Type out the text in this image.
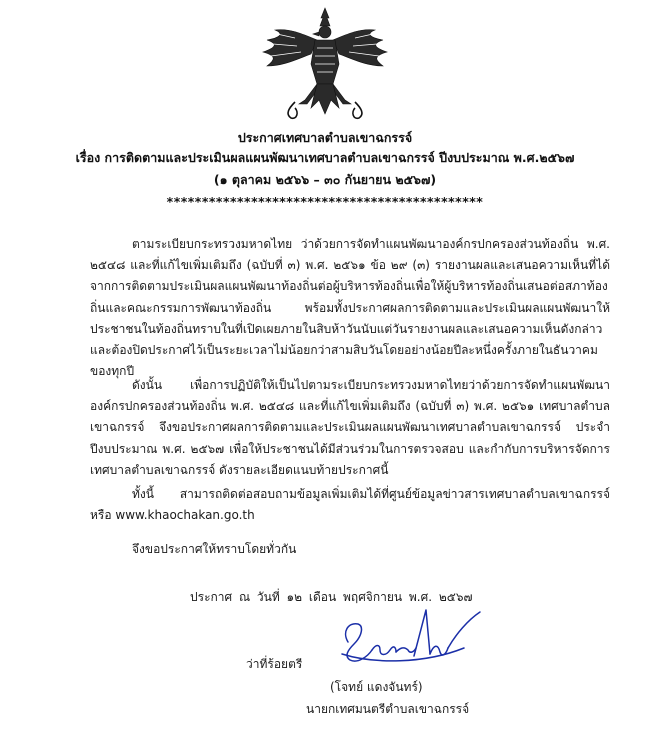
ประกาศเทศบาลตำบลเขาฉกรรจ์
เรื่อง การติดตามและประเมินผลแผนพัฒนาเทศบาลตำบลเขาฉกรรจ์ ปีงบประมาณ พ.ศ.๒๕๖๗
(๑ ตุลาคม ๒๕๖๖ – ๓๐ กันยายน ๒๕๖๗)
*********************************************
ตามระเบียบกระทรวงมหาดไทย ว่าด้วยการจัดทำแผนพัฒนาองค์กรปกครองส่วนท้องถิ่น พ.ศ. ๒๕๔๘ และที่แก้ไขเพิ่มเติมถึง (ฉบับที่ ๓) พ.ศ. ๒๕๖๑ ข้อ ๒๙ (๓) รายงานผลและเสนอความเห็นที่ได้จากการติดตามประเมินผลแผนพัฒนาท้องถิ่นต่อผู้บริหารท้องถิ่นเพื่อให้ผู้บริหารท้องถิ่นเสนอต่อสภาท้องถิ่นและคณะกรรมการพัฒนาท้องถิ่น พร้อมทั้งประกาศผลการติดตามและประเมินผลแผนพัฒนาให้ประชาชนในท้องถิ่นทราบในที่เปิดเผยภายในสิบห้าวันนับแต่วันรายงานผลและเสนอความเห็นดังกล่าว และต้องปิดประกาศไว้เป็นระยะเวลาไม่น้อยกว่าสามสิบวันโดยอย่างน้อยปีละหนึ่งครั้งภายในธันวาคมของทุกปี
ดังนั้น เพื่อการปฏิบัติให้เป็นไปตามระเบียบกระทรวงมหาดไทยว่าด้วยการจัดทำแผนพัฒนาองค์กรปกครองส่วนท้องถิ่น พ.ศ. ๒๕๔๘ และที่แก้ไขเพิ่มเติมถึง (ฉบับที่ ๓) พ.ศ. ๒๕๖๑ เทศบาลตำบลเขาฉกรรจ์ จึงขอประกาศผลการติดตามและประเมินผลแผนพัฒนาเทศบาลตำบลเขาฉกรรจ์ ประจำปีงบประมาณ พ.ศ. ๒๕๖๗ เพื่อให้ประชาชนได้มีส่วนร่วมในการตรวจสอบ และกำกับการบริหารจัดการเทศบาลตำบลเขาฉกรรจ์ ดังรายละเอียดแนบท้ายประกาศนี้
ทั้งนี้ สามารถติดต่อสอบถามข้อมูลเพิ่มเติมได้ที่ศูนย์ข้อมูลข่าวสารเทศบาลตำบลเขาฉกรรจ์ หรือ www.khaochakan.go.th
จึงขอประกาศให้ทราบโดยทั่วกัน
ประกาศ ณ วันที่ ๑๒ เดือน พฤศจิกายน พ.ศ. ๒๕๖๗
ว่าที่ร้อยตรี
(โจทย์ แดงจันทร์)
นายกเทศมนตรีตำบลเขาฉกรรจ์
